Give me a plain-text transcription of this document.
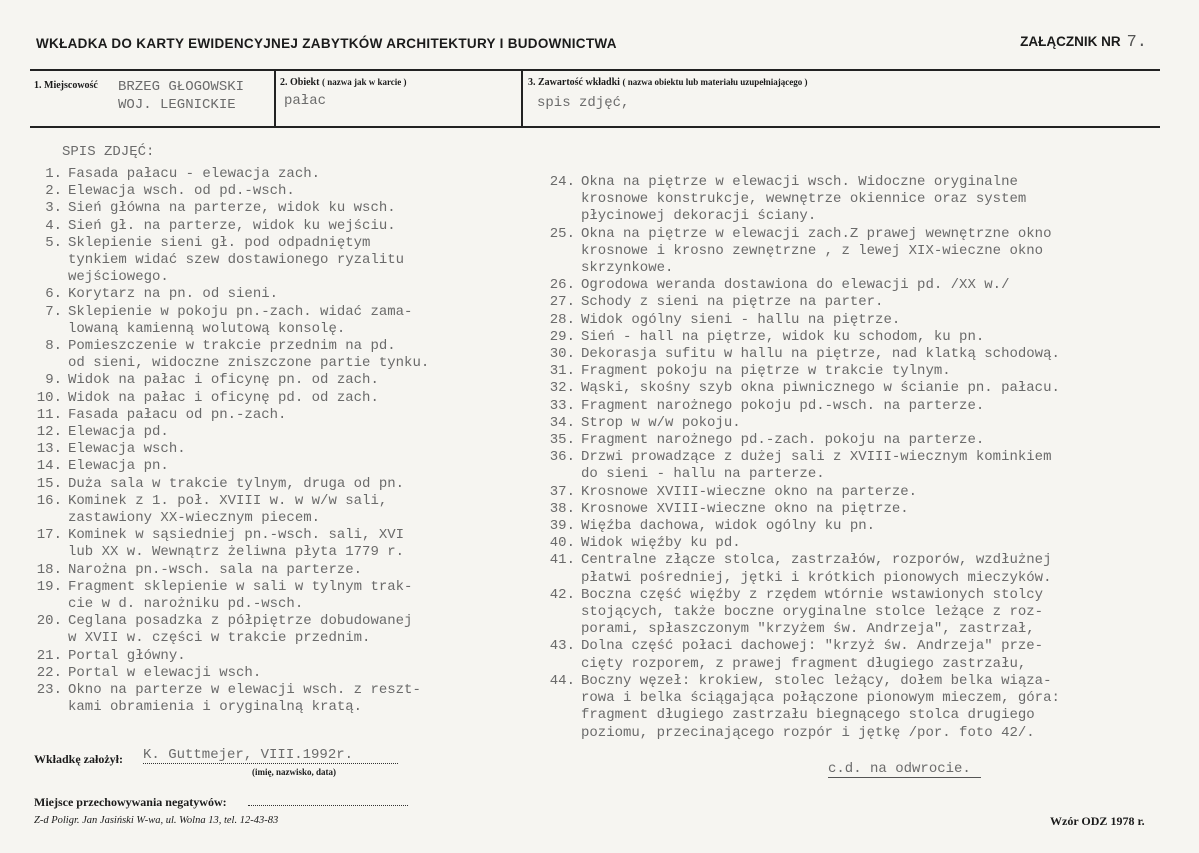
WKŁADKA DO KARTY EWIDENCYJNEJ ZABYTKÓW ARCHITEKTURY I BUDOWNICTWA	ZAŁĄCZNIK NR 7.
1. Miejscowość BRZEG GŁOGOWSKI
WOJ. LEGNICKIE
2. Obiekt ( nazwa jak w karcie )
pałac
3. Zawartość wkładki ( nazwa obiektu lub materiału uzupełniającego )
spis zdjęć,
SPIS ZDJĘĆ:
1. Fasada pałacu - elewacja zach.
2. Elewacja wsch. od pd.-wsch.
3. Sień główna na parterze, widok ku wsch.
4. Sień gł. na parterze, widok ku wejściu.
5. Sklepienie sieni gł. pod odpadniętym
tynkiem widać szew dostawionego ryzalitu
wejściowego.
6. Korytarz na pn. od sieni.
7. Sklepienie w pokoju pn.-zach. widać zama-
lowaną kamienną wolutową konsolę.
8. Pomieszczenie w trakcie przednim na pd.
od sieni, widoczne zniszczone partie tynku.
9. Widok na pałac i oficynę pn. od zach.
10. Widok na pałac i oficynę pd. od zach.
11. Fasada pałacu od pn.-zach.
12. Elewacja pd.
13. Elewacja wsch.
14. Elewacja pn.
15. Duża sala w trakcie tylnym, druga od pn.
16. Kominek z 1. poł. XVIII w. w w/w sali,
zastawiony XX-wiecznym piecem.
17. Kominek w sąsiedniej pn.-wsch. sali, XVI
lub XX w. Wewnątrz żeliwna płyta 1779 r.
18. Narożna pn.-wsch. sala na parterze.
19. Fragment sklepienie w sali w tylnym trak-
cie w d. narożniku pd.-wsch.
20. Ceglana posadzka z półpiętrze dobudowanej
w XVII w. części w trakcie przednim.
21. Portal główny.
22. Portal w elewacji wsch.
23. Okno na parterze w elewacji wsch. z reszt-
kami obramienia i oryginalną kratą.
24. Okna na piętrze w elewacji wsch. Widoczne oryginalne
krosnowe konstrukcje, wewnętrze okiennice oraz system
płycinowej dekoracji ściany.
25. Okna na piętrze w elewacji zach.Z prawej wewnętrzne okno
krosnowe i krosno zewnętrzne , z lewej XIX-wieczne okno
skrzynkowe.
26. Ogrodowa weranda dostawiona do elewacji pd. /XX w./
27. Schody z sieni na piętrze na parter.
28. Widok ogólny sieni - hallu na piętrze.
29. Sień - hall na piętrze, widok ku schodom, ku pn.
30. Dekorasja sufitu w hallu na piętrze, nad klatką schodową.
31. Fragment pokoju na piętrze w trakcie tylnym.
32. Wąski, skośny szyb okna piwnicznego w ścianie pn. pałacu.
33. Fragment narożnego pokoju pd.-wsch. na parterze.
34. Strop w w/w pokoju.
35. Fragment narożnego pd.-zach. pokoju na parterze.
36. Drzwi prowadzące z dużej sali z XVIII-wiecznym kominkiem
do sieni - hallu na parterze.
37. Krosnowe XVIII-wieczne okno na parterze.
38. Krosnowe XVIII-wieczne okno na piętrze.
39. Więźba dachowa, widok ogólny ku pn.
40. Widok więźby ku pd.
41. Centralne złącze stolca, zastrzałów, rozporów, wzdłużnej
płatwi pośredniej, jętki i krótkich pionowych mieczyków.
42. Boczna część więźby z rzędem wtórnie wstawionych stolcy
stojących, także boczne oryginalne stolce leżące z roz-
porami, spłaszczonym "krzyżem św. Andrzeja", zastrzał,
43. Dolna część połaci dachowej: "krzyż św. Andrzeja" prze-
cięty rozporem, z prawej fragment długiego zastrzału,
44. Boczny węzeł: krokiew, stolec leżący, dołem belka wiąza-
rowa i belka ściągająca połączone pionowym mieczem, góra:
fragment długiego zastrzału biegnącego stolca drugiego
poziomu, przecinającego rozpór i jętkę /por. foto 42/.
c.d. na odwrocie.
Wkładkę założył: K. Guttmejer, VIII.1992r.
(imię, nazwisko, data)
Miejsce przechowywania negatywów:
Z-d Poligr. Jan Jasiński W-wa, ul. Wolna 13, tel. 12-43-83	Wzór ODZ 1978 r.
